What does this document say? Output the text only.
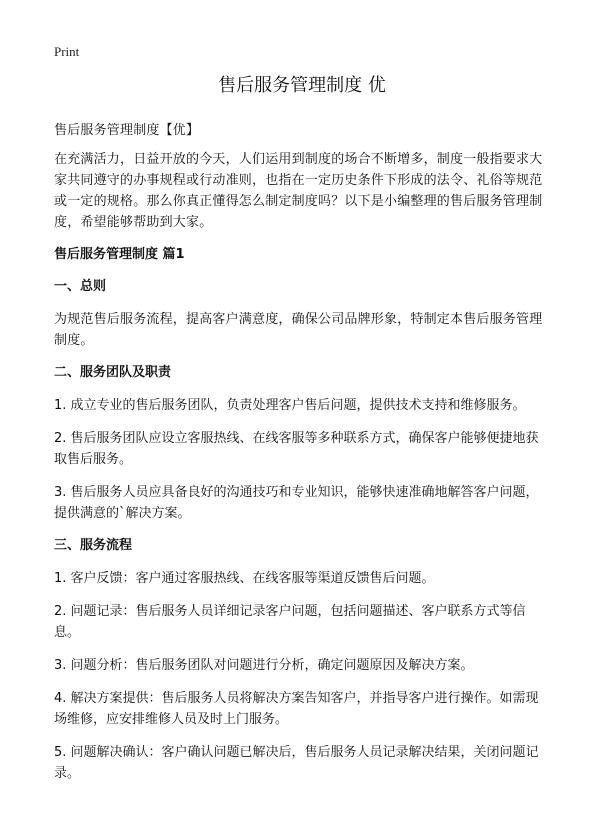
Print
售后服务管理制度 优
售后服务管理制度【优】
在充满活力，日益开放的今天，人们运用到制度的场合不断增多，制度一般指要求大家共同遵守的办事规程或行动准则，也指在一定历史条件下形成的法令、礼俗等规范或一定的规格。那么你真正懂得怎么制定制度吗？以下是小编整理的售后服务管理制度，希望能够帮助到大家。
售后服务管理制度 篇1
一、总则
为规范售后服务流程，提高客户满意度，确保公司品牌形象，特制定本售后服务管理制度。
二、服务团队及职责
1. 成立专业的售后服务团队，负责处理客户售后问题，提供技术支持和维修服务。
2. 售后服务团队应设立客服热线、在线客服等多种联系方式，确保客户能够便捷地获取售后服务。
3. 售后服务人员应具备良好的沟通技巧和专业知识，能够快速准确地解答客户问题，提供满意的`解决方案。
三、服务流程
1. 客户反馈：客户通过客服热线、在线客服等渠道反馈售后问题。
2. 问题记录：售后服务人员详细记录客户问题，包括问题描述、客户联系方式等信息。
3. 问题分析：售后服务团队对问题进行分析，确定问题原因及解决方案。
4. 解决方案提供：售后服务人员将解决方案告知客户，并指导客户进行操作。如需现场维修，应安排维修人员及时上门服务。
5. 问题解决确认：客户确认问题已解决后，售后服务人员记录解决结果，关闭问题记录。
